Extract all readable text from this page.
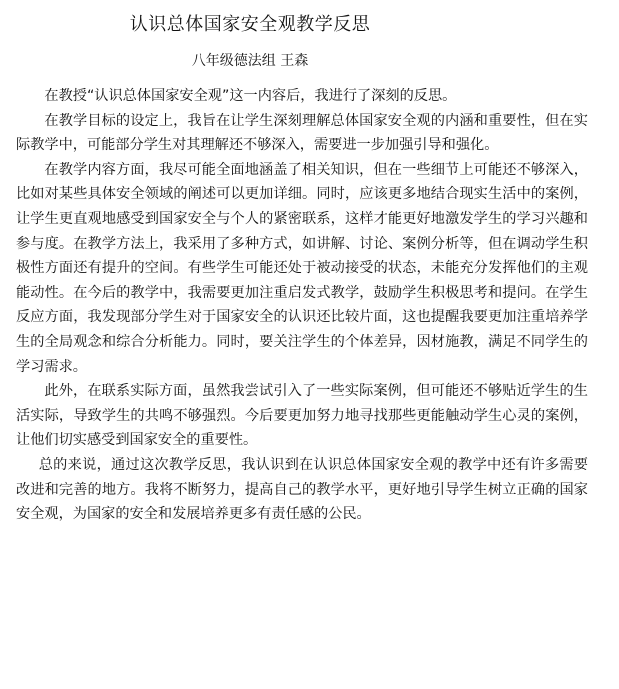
认识总体国家安全观教学反思

八年级德法组 王森

在教授“认识总体国家安全观”这一内容后，我进行了深刻的反思。

在教学目标的设定上，我旨在让学生深刻理解总体国家安全观的内涵和重要性，但在实际教学中，可能部分学生对其理解还不够深入，需要进一步加强引导和强化。

在教学内容方面，我尽可能全面地涵盖了相关知识，但在一些细节上可能还不够深入，比如对某些具体安全领域的阐述可以更加详细。同时，应该更多地结合现实生活中的案例，让学生更直观地感受到国家安全与个人的紧密联系，这样才能更好地激发学生的学习兴趣和参与度。在教学方法上，我采用了多种方式，如讲解、讨论、案例分析等，但在调动学生积极性方面还有提升的空间。有些学生可能还处于被动接受的状态，未能充分发挥他们的主观能动性。在今后的教学中，我需要更加注重启发式教学，鼓励学生积极思考和提问。在学生反应方面，我发现部分学生对于国家安全的认识还比较片面，这也提醒我要更加注重培养学生的全局观念和综合分析能力。同时，要关注学生的个体差异，因材施教，满足不同学生的学习需求。

此外，在联系实际方面，虽然我尝试引入了一些实际案例，但可能还不够贴近学生的生活实际，导致学生的共鸣不够强烈。今后要更加努力地寻找那些更能触动学生心灵的案例，让他们切实感受到国家安全的重要性。

总的来说，通过这次教学反思，我认识到在认识总体国家安全观的教学中还有许多需要改进和完善的地方。我将不断努力，提高自己的教学水平，更好地引导学生树立正确的国家安全观，为国家的安全和发展培养更多有责任感的公民。
